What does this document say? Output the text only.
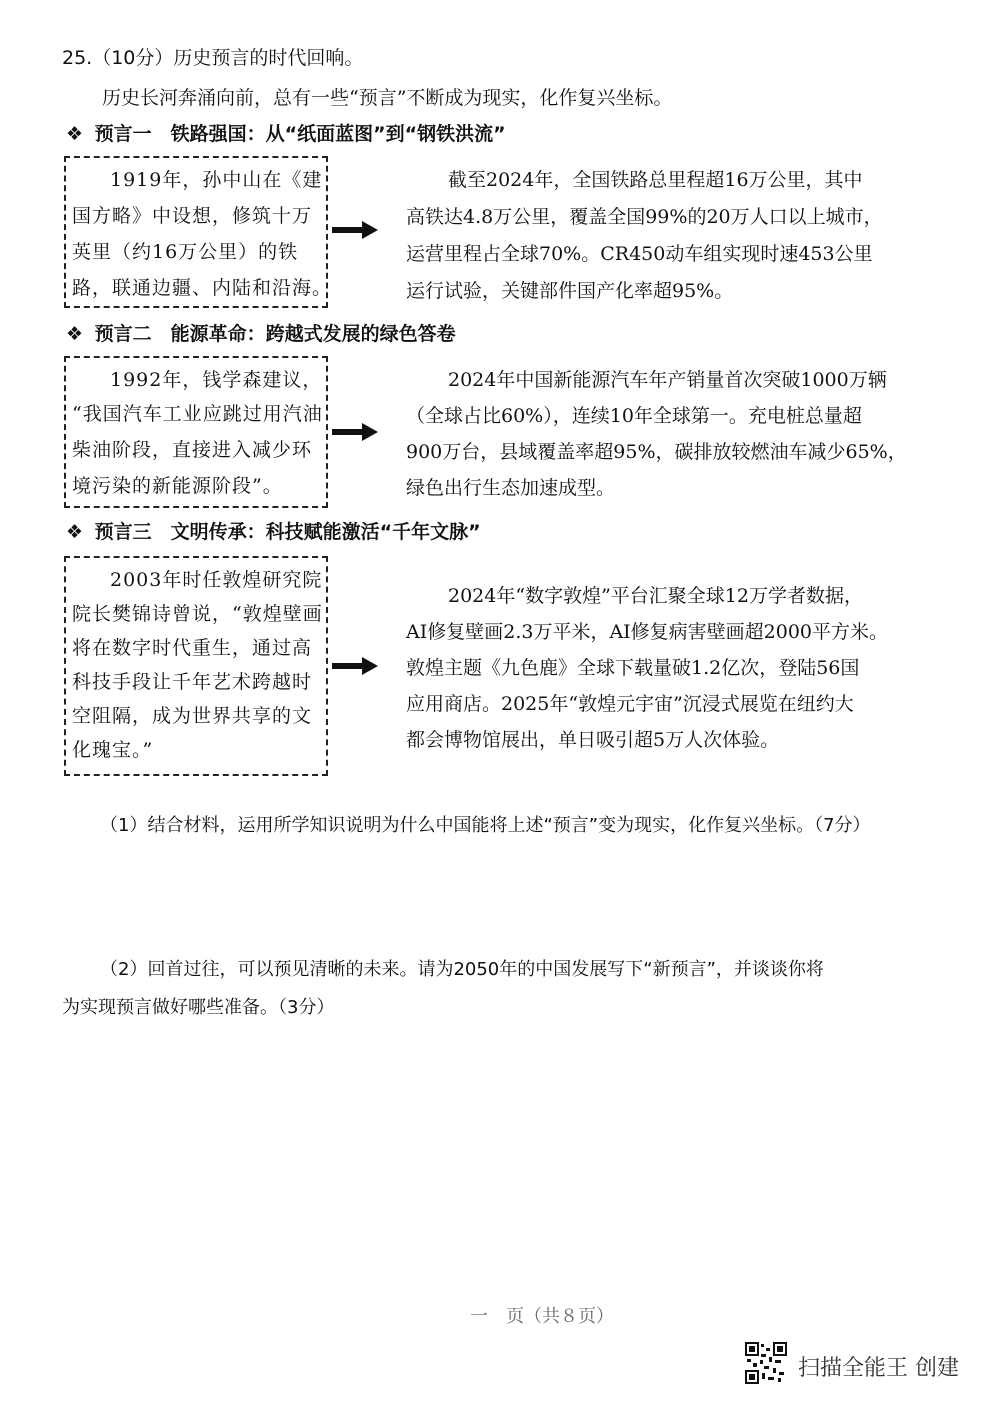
25.（10分）历史预言的时代回响。
历史长河奔涌向前，总有一些“预言”不断成为现实，化作复兴坐标。
❖ 预言一　铁路强国：从“纸面蓝图”到“钢铁洪流”
1919年，孙中山在《建
国方略》中设想，修筑十万
英里（约16万公里）的铁
路，联通边疆、内陆和沿海。
截至2024年，全国铁路总里程超16万公里，其中
高铁达4.8万公里，覆盖全国99%的20万人口以上城市，
运营里程占全球70%。CR450动车组实现时速453公里
运行试验，关键部件国产化率超95%。
❖ 预言二　能源革命：跨越式发展的绿色答卷
1992年，钱学森建议，
“我国汽车工业应跳过用汽油
柴油阶段，直接进入减少环
境污染的新能源阶段”。
2024年中国新能源汽车年产销量首次突破1000万辆
（全球占比60%），连续10年全球第一。充电桩总量超
900万台，县域覆盖率超95%，碳排放较燃油车减少65%，
绿色出行生态加速成型。
❖ 预言三　文明传承：科技赋能激活“千年文脉”
2003年时任敦煌研究院
院长樊锦诗曾说，“敦煌壁画
将在数字时代重生，通过高
科技手段让千年艺术跨越时
空阻隔，成为世界共享的文
化瑰宝。”
2024年“数字敦煌”平台汇聚全球12万学者数据，
AI修复壁画2.3万平米，AI修复病害壁画超2000平方米。
敦煌主题《九色鹿》全球下载量破1.2亿次，登陆56国
应用商店。2025年“敦煌元宇宙”沉浸式展览在纽约大
都会博物馆展出，单日吸引超5万人次体验。
（1）结合材料，运用所学知识说明为什么中国能将上述“预言”变为现实，化作复兴坐标。（7分）
（2）回首过往，可以预见清晰的未来。请为2050年的中国发展写下“新预言”，并谈谈你将
为实现预言做好哪些准备。（3分）
一　页（共８页）
扫描全能王 创建
